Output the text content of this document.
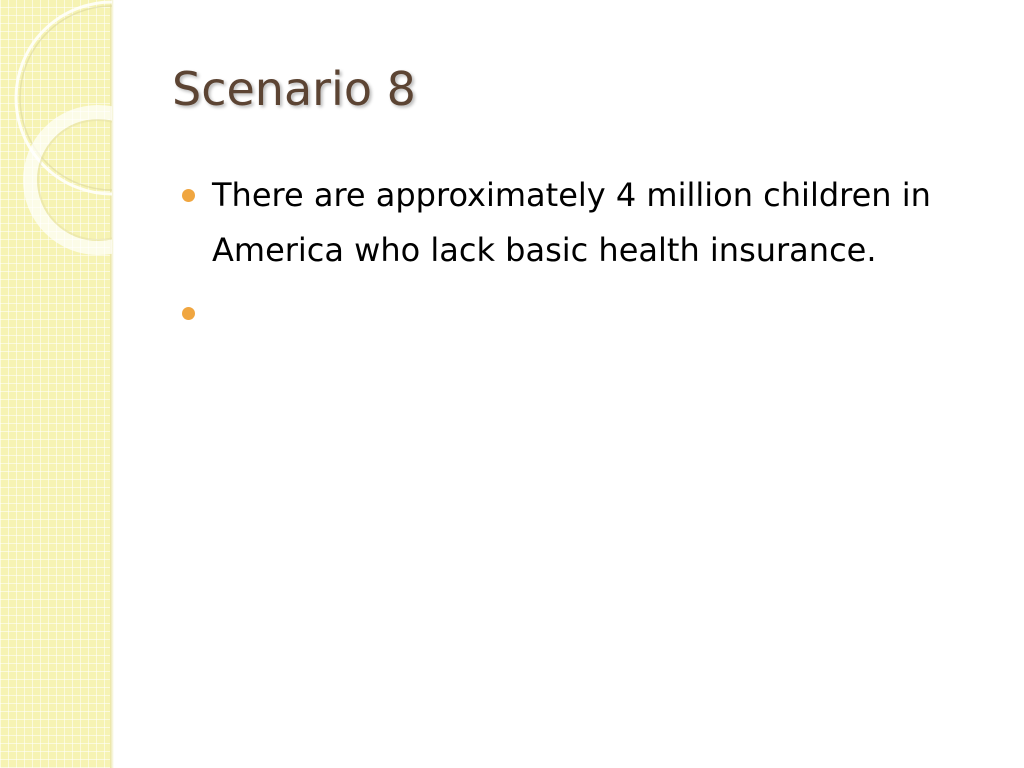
Scenario 8
There are approximately 4 million children in America who lack basic health insurance.
